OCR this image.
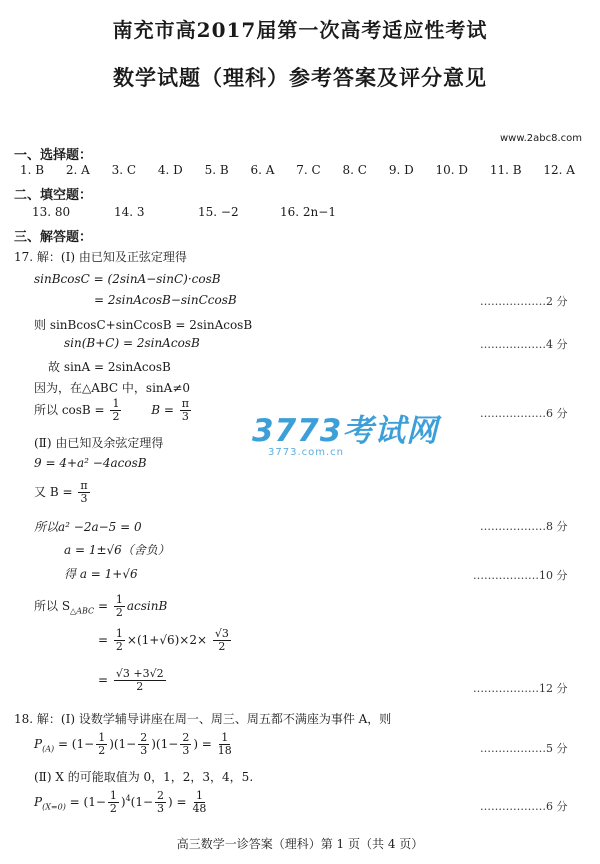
南充市高2017届第一次高考适应性考试
数学试题（理科）参考答案及评分意见
www.2abc8.com
一、选择题：
1. B 2. A 3. C 4. D 5. B 6. A 7. C 8. C 9. D 10. D 11. B 12. A
二、填空题：
13. 80	14. 3	15. −2	16. 2n−1
三、解答题：
17. 解：(Ⅰ) 由已知及正弦定理得
sinBcosC = (2sinA−sinC)·cosB
= 2sinAcosB−sinCcosB	………………2 分
则 sinBcosC+sinCcosB = 2sinAcosB
sin(B+C) = 2sinAcosB	………………4 分
故 sinA = 2sinAcosB
因为，在△ABC 中，sinA≠0
所以 $\cos B = \frac{1}{2}$ $B = \frac{\pi}{3}$	………………6 分
(Ⅱ) 由已知及余弦定理得
9 = 4+a² −4acosB
又 $B = \frac{\pi}{3}$
所以a² −2a−5 = 0	………………8 分
a = 1±√6（舍负）
得 a = 1+√6	………………10 分
所以 $S_{\triangle ABC} = \frac{1}{2}$ acsinB
= $\frac{1}{2} \times(1+√6)\times 2\times \frac{√3}{2}$
= $\frac{√3 +3√2}{2}$	………………12 分
18. 解：(Ⅰ) 设数学辅导讲座在周一、周三、周五都不满座为事件 A，则
$P_{(A)} = (1- \frac{1}{2} )(1- \frac{2}{3} )(1- \frac{2}{3}$ ) = $\frac{1}{18}$	………………5 分
(Ⅱ) X 的可能取值为 0，1，2，3，4，5.
$P_{(X=0)} = (1- \frac{1}{2} )^4(1- \frac{2}{3}$ ) = $\frac{1}{48}$	………………6 分
3773考试网
3773.com.cn
高三数学一诊答案（理科）第 1 页（共 4 页）
